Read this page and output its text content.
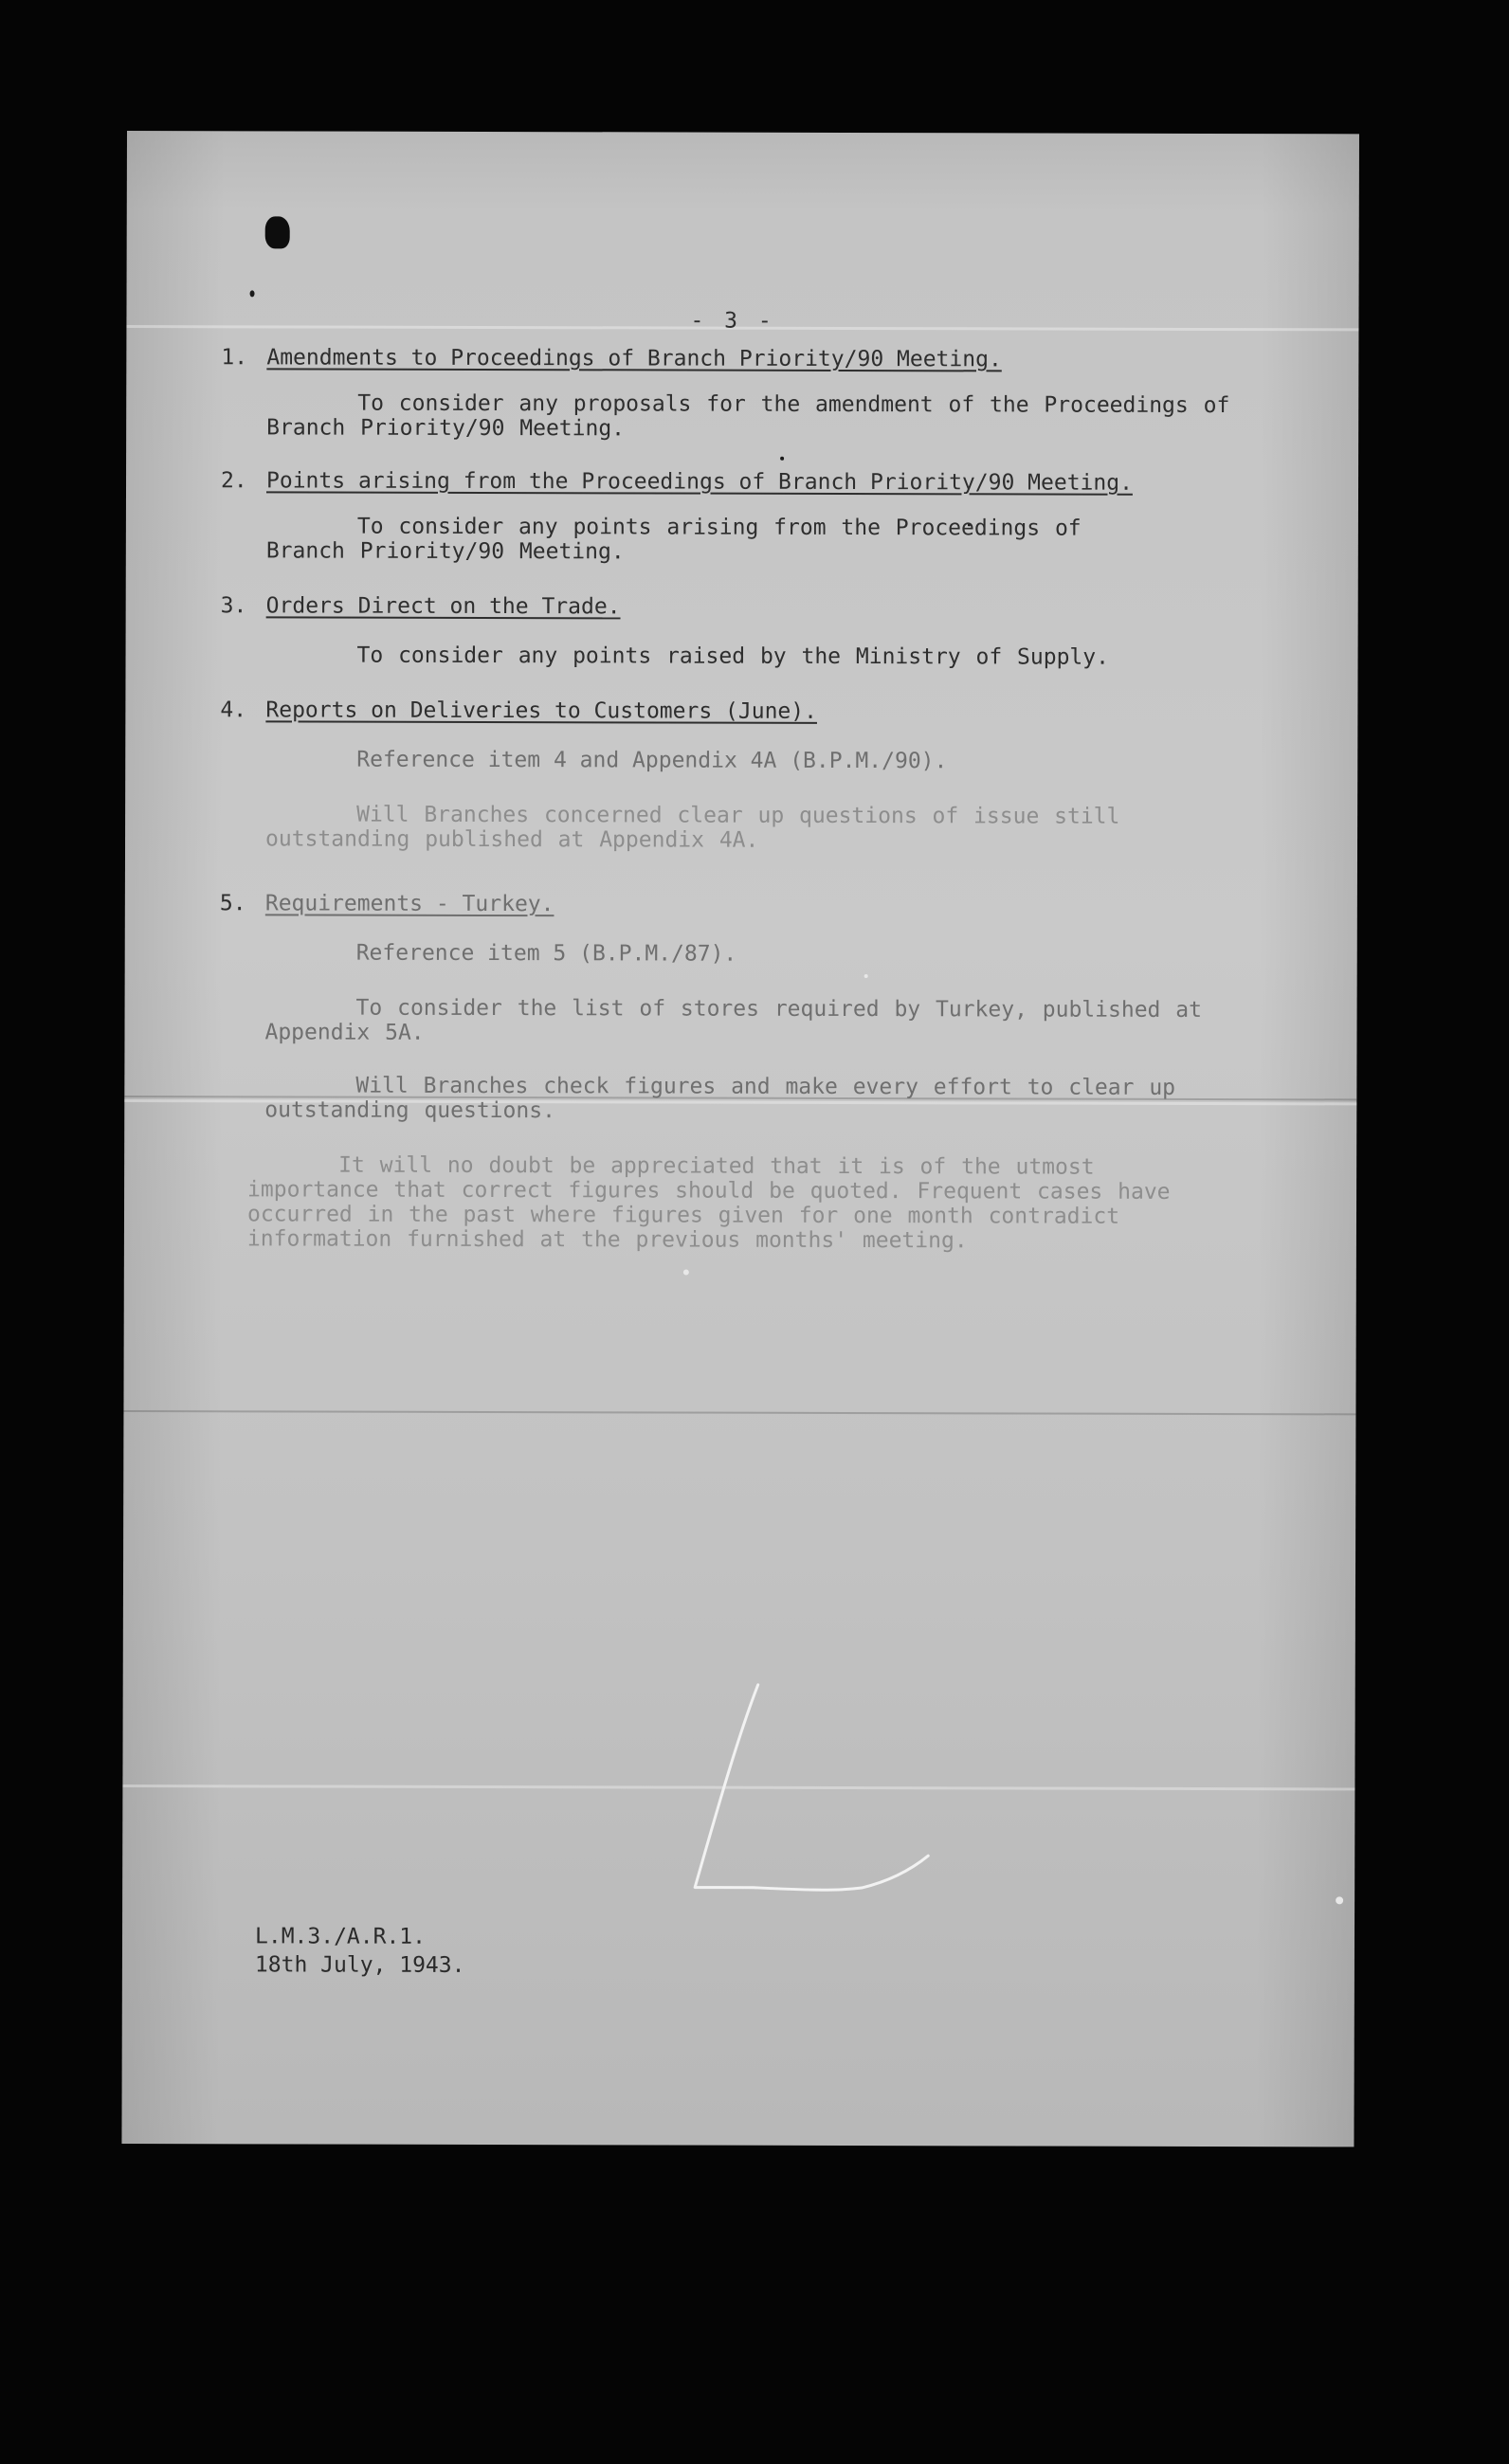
- 3 -
1. Amendments to Proceedings of Branch Priority/90 Meeting.
To consider any proposals for the amendment of the Proceedings of Branch Priority/90 Meeting.
2. Points arising from the Proceedings of Branch Priority/90 Meeting.
To consider any points arising from the Proceedings of Branch Priority/90 Meeting.
3. Orders Direct on the Trade.
To consider any points raised by the Ministry of Supply.
4. Reports on Deliveries to Customers (June).
Reference item 4 and Appendix 4A (B.P.M./90).
Will Branches concerned clear up questions of issue still outstanding published at Appendix 4A.
5. Requirements - Turkey.
Reference item 5 (B.P.M./87).
To consider the list of stores required by Turkey, published at Appendix 5A.
Will Branches check figures and make every effort to clear up outstanding questions.
It will no doubt be appreciated that it is of the utmost importance that correct figures should be quoted. Frequent cases have occurred in the past where figures given for one month contradict information furnished at the previous months' meeting.
L.M.3./A.R.1.
18th July, 1943.
